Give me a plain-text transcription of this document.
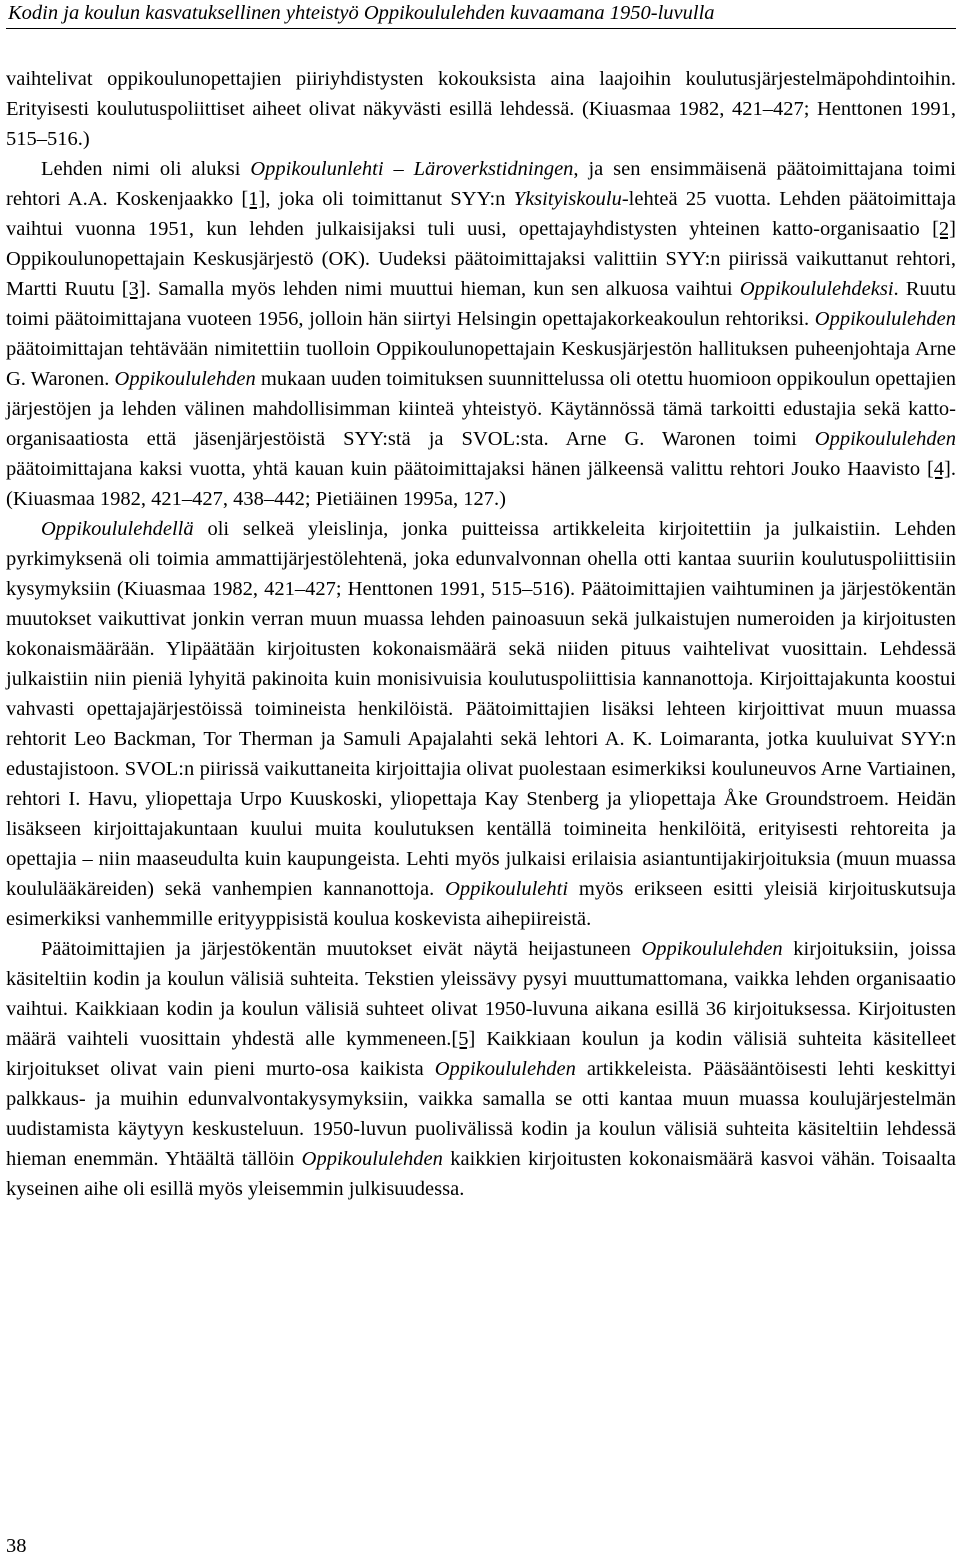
Kodin ja koulun kasvatuksellinen yhteistyö Oppikoululehden kuvaamana 1950-luvulla

vaihtelivat oppikoulunopettajien piiriyhdistysten kokouksista aina laajoihin koulutusjärjestelmäpohdintoihin. Erityisesti koulutuspoliittiset aiheet olivat näkyvästi esillä lehdessä. (Kiuasmaa 1982, 421–427; Henttonen 1991, 515–516.)

Lehden nimi oli aluksi Oppikoulunlehti – Läroverkstidningen, ja sen ensimmäisenä päätoimittajana toimi rehtori A.A. Koskenjaakko [1], joka oli toimittanut SYY:n Yksityiskoulu-lehteä 25 vuotta. Lehden päätoimittaja vaihtui vuonna 1951, kun lehden julkaisijaksi tuli uusi, opettajayhdistysten yhteinen katto-organisaatio [2] Oppikoulunopettajain Keskusjärjestö (OK). Uudeksi päätoimittajaksi valittiin SYY:n piirissä vaikuttanut rehtori, Martti Ruutu [3]. Samalla myös lehden nimi muuttui hieman, kun sen alkuosa vaihtui Oppikoululehdeksi. Ruutu toimi päätoimittajana vuoteen 1956, jolloin hän siirtyi Helsingin opettajakorkeakoulun rehtoriksi. Oppikoululehden päätoimittajan tehtävään nimitettiin tuolloin Oppikoulunopettajain Keskusjärjestön hallituksen puheenjohtaja Arne G. Waronen. Oppikoululehden mukaan uuden toimituksen suunnittelussa oli otettu huomioon oppikoulun opettajien järjestöjen ja lehden välinen mahdollisimman kiinteä yhteistyö. Käytännössä tämä tarkoitti edustajia sekä katto-organisaatiosta että jäsenjärjestöistä SYY:stä ja SVOL:sta. Arne G. Waronen toimi Oppikoululehden päätoimittajana kaksi vuotta, yhtä kauan kuin päätoimittajaksi hänen jälkeensä valittu rehtori Jouko Haavisto [4]. (Kiuasmaa 1982, 421–427, 438–442; Pietiäinen 1995a, 127.)

Oppikoululehdellä oli selkeä yleislinja, jonka puitteissa artikkeleita kirjoitettiin ja julkaistiin. Lehden pyrkimyksenä oli toimia ammattijärjestölehtenä, joka edunvalvonnan ohella otti kantaa suuriin koulutuspoliittisiin kysymyksiin (Kiuasmaa 1982, 421–427; Henttonen 1991, 515–516). Päätoimittajien vaihtuminen ja järjestökentän muutokset vaikuttivat jonkin verran muun muassa lehden painoasuun sekä julkaistujen numeroiden ja kirjoitusten kokonaismäärään. Ylipäätään kirjoitusten kokonaismäärä sekä niiden pituus vaihtelivat vuosittain. Lehdessä julkaistiin niin pieniä lyhyitä pakinoita kuin monisivuisia koulutuspoliittisia kannanottoja. Kirjoittajakunta koostui vahvasti opettajajärjestöissä toimineista henkilöistä. Päätoimittajien lisäksi lehteen kirjoittivat muun muassa rehtorit Leo Backman, Tor Therman ja Samuli Apajalahti sekä lehtori A. K. Loimaranta, jotka kuuluivat SYY:n edustajistoon. SVOL:n piirissä vaikuttaneita kirjoittajia olivat puolestaan esimerkiksi kouluneuvos Arne Vartiainen, rehtori I. Havu, yliopettaja Urpo Kuuskoski, yliopettaja Kay Stenberg ja yliopettaja Åke Groundstroem. Heidän lisäkseen kirjoittajakuntaan kuului muita koulutuksen kentällä toimineita henkilöitä, erityisesti rehtoreita ja opettajia – niin maaseudulta kuin kaupungeista. Lehti myös julkaisi erilaisia asiantuntijakirjoituksia (muun muassa koululääkäreiden) sekä vanhempien kannanottoja. Oppikoululehti myös erikseen esitti yleisiä kirjoituskutsuja esimerkiksi vanhemmille erityyppisistä koulua koskevista aihepiireistä.

Päätoimittajien ja järjestökentän muutokset eivät näytä heijastuneen Oppikoululehden kirjoituksiin, joissa käsiteltiin kodin ja koulun välisiä suhteita. Tekstien yleissävy pysyi muuttumattomana, vaikka lehden organisaatio vaihtui. Kaikkiaan kodin ja koulun välisiä suhteet olivat 1950-luvuna aikana esillä 36 kirjoituksessa. Kirjoitusten määrä vaihteli vuosittain yhdestä alle kymmeneen.[5] Kaikkiaan koulun ja kodin välisiä suhteita käsitelleet kirjoitukset olivat vain pieni murto-osa kaikista Oppikoululehden artikkeleista. Pääsääntöisesti lehti keskittyi palkkaus- ja muihin edunvalvontakysymyksiin, vaikka samalla se otti kantaa muun muassa koulujärjestelmän uudistamista käytyyn keskusteluun. 1950-luvun puolivälissä kodin ja koulun välisiä suhteita käsiteltiin lehdessä hieman enemmän. Yhtäältä tällöin Oppikoululehden kaikkien kirjoitusten kokonaismäärä kasvoi vähän. Toisaalta kyseinen aihe oli esillä myös yleisemmin julkisuudessa.

38
